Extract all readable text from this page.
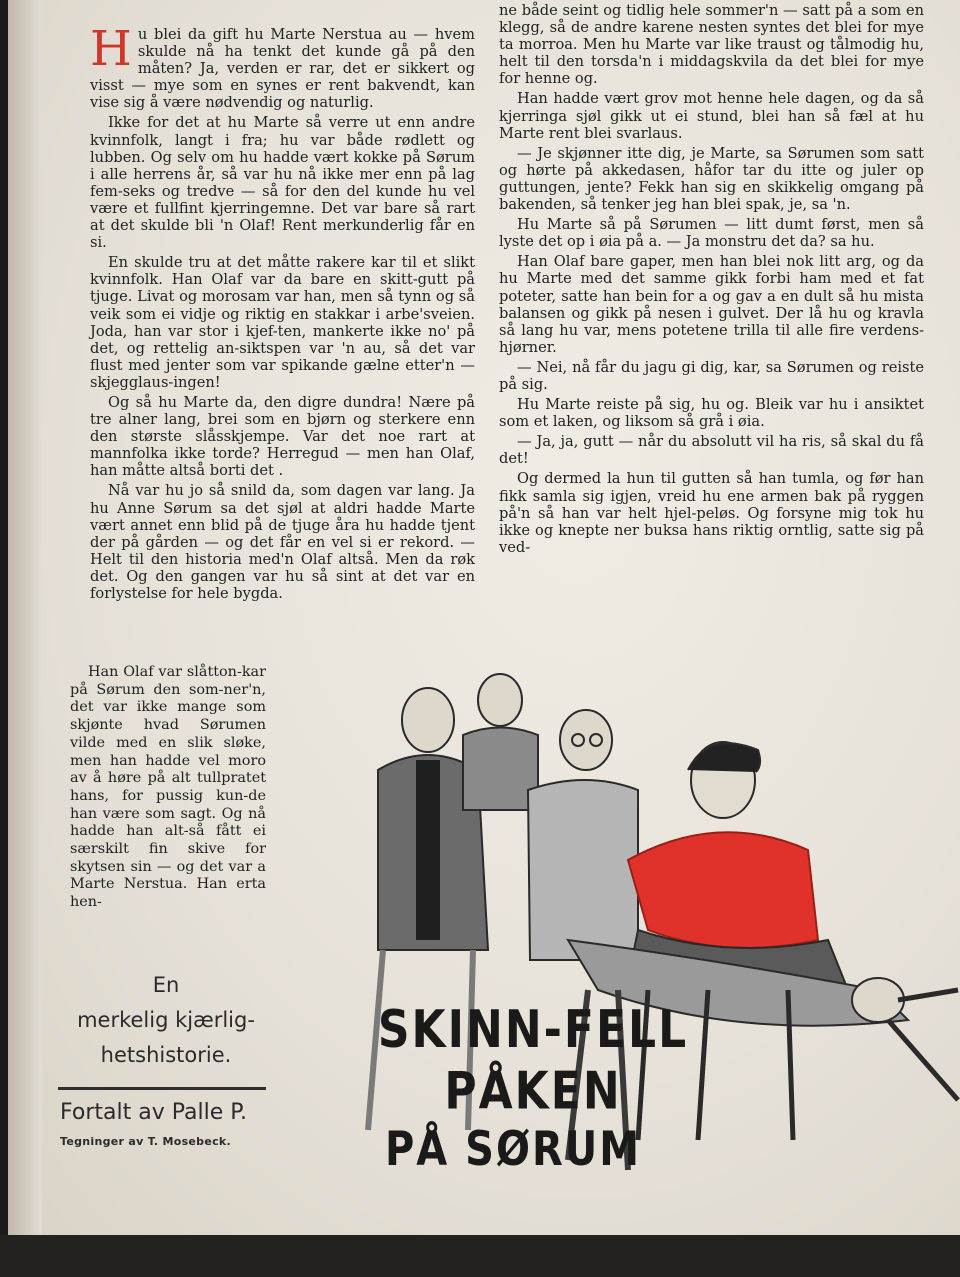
Hu blei da gift hu Marte Nerstua au — hvem skulde nå ha tenkt det kunde gå på den måten? Ja, verden er rar, det er sikkert og visst — mye som en synes er rent bakvendt, kan vise sig å være nødvendig og naturlig.

Ikke for det at hu Marte så verre ut enn andre kvinnfolk, langt i fra; hu var både rødlett og lubben. Og selv om hu hadde vært kokke på Sørum i alle herrens år, så var hu nå ikke mer enn på lag fem-seks og tredve — så for den del kunde hu vel være et fullfint kjerringemne. Det var bare så rart at det skulde bli 'n Olaf! Rent merkunderlig får en si.

En skulde tru at det måtte rakere kar til et slikt kvinnfolk. Han Olaf var da bare en skitt-gutt på tjuge. Livat og morosam var han, men så tynn og så veik som ei vidje og riktig en stakkar i arbe'sveien. Joda, han var stor i kjef-ten, mankerte ikke no' på det, og rettelig an-siktspen var 'n au, så det var flust med jenter som var spikande gælne etter'n — skjegglaus-ingen!

Og så hu Marte da, den digre dundra! Nære på tre alner lang, brei som en bjørn og sterkere enn den største slåsskjempe. Var det noe rart at mannfolka ikke torde? Herregud — men han Olaf, han måtte altså borti det .

Nå var hu jo så snild da, som dagen var lang. Ja hu Anne Sørum sa det sjøl at aldri hadde Marte vært annet enn blid på de tjuge åra hu hadde tjent der på gården — og det får en vel si er rekord. — Helt til den historia med'n Olaf altså. Men da røk det. Og den gangen var hu så sint at det var en forlystelse for hele bygda.

Han Olaf var slåtton-kar på Sørum den som-ner'n, det var ikke mange som skjønte hvad Sørumen vilde med en slik sløke, men han hadde vel moro av å høre på alt tullpratet hans, for pussig kun-de han være som sagt. Og nå hadde han alt-så fått ei særskilt fin skive for skytsen sin — og det var a Marte Nerstua. Han erta hen-

ne både seint og tidlig hele sommer'n — satt på a som en klegg, så de andre karene nesten syntes det blei for mye ta morroa. Men hu Marte var like traust og tålmodig hu, helt til den torsda'n i middagskvila da det blei for mye for henne og.

Han hadde vært grov mot henne hele dagen, og da så kjerringa sjøl gikk ut ei stund, blei han så fæl at hu Marte rent blei svarlaus.

— Je skjønner itte dig, je Marte, sa Sørumen som satt og hørte på akkedasen, håfor tar du itte og juler op guttungen, jente? Fekk han sig en skikkelig omgang på bakenden, så tenker jeg han blei spak, je, sa 'n.

Hu Marte så på Sørumen — litt dumt først, men så lyste det op i øia på a. — Ja monstru det da? sa hu.

Han Olaf bare gaper, men han blei nok litt arg, og da hu Marte med det samme gikk forbi ham med et fat poteter, satte han bein for a og gav a en dult så hu mista balansen og gikk på nesen i gulvet. Der lå hu og kravla så lang hu var, mens potetene trilla til alle fire verdens-hjørner.

— Nei, nå får du jagu gi dig, kar, sa Sørumen og reiste på sig.

Hu Marte reiste på sig, hu og. Bleik var hu i ansiktet som et laken, og liksom så grå i øia.

— Ja, ja, gutt — når du absolutt vil ha ris, så skal du få det!

Og dermed la hun til gutten så han tumla, og før han fikk samla sig igjen, vreid hu ene armen bak på ryggen på'n så han var helt hjel-peløs. Og forsyne mig tok hu ikke og knepte ner buksa hans riktig orntlig, satte sig på ved-

SKINN-FELL PÅKEN
PÅ SØRUM
En
merkelig kjærlig-
hetshistorie.
Fortalt av Palle P.
Tegninger av T. Mosebeck.
